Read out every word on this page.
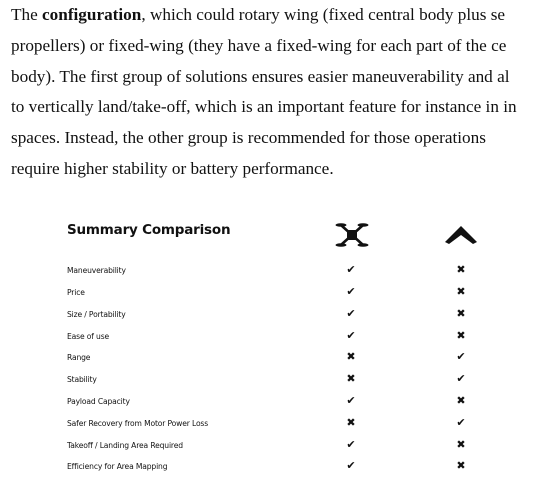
The configuration, which could rotary wing (fixed central body plus se
propellers) or fixed-wing (they have a fixed-wing for each part of the ce
body). The first group of solutions ensures easier maneuverability and al
to vertically land/take-off, which is an important feature for instance in in
spaces. Instead, the other group is recommended for those operations
require higher stability or battery performance.
Summary Comparison
Maneuverability	✔	✖
Price	✔	✖
Size / Portability	✔	✖
Ease of use	✔	✖
Range	✖	✔
Stability	✖	✔
Payload Capacity	✔	✖
Safer Recovery from Motor Power Loss	✖	✔
Takeoff / Landing Area Required	✔	✖
Efficiency for Area Mapping	✔	✖
